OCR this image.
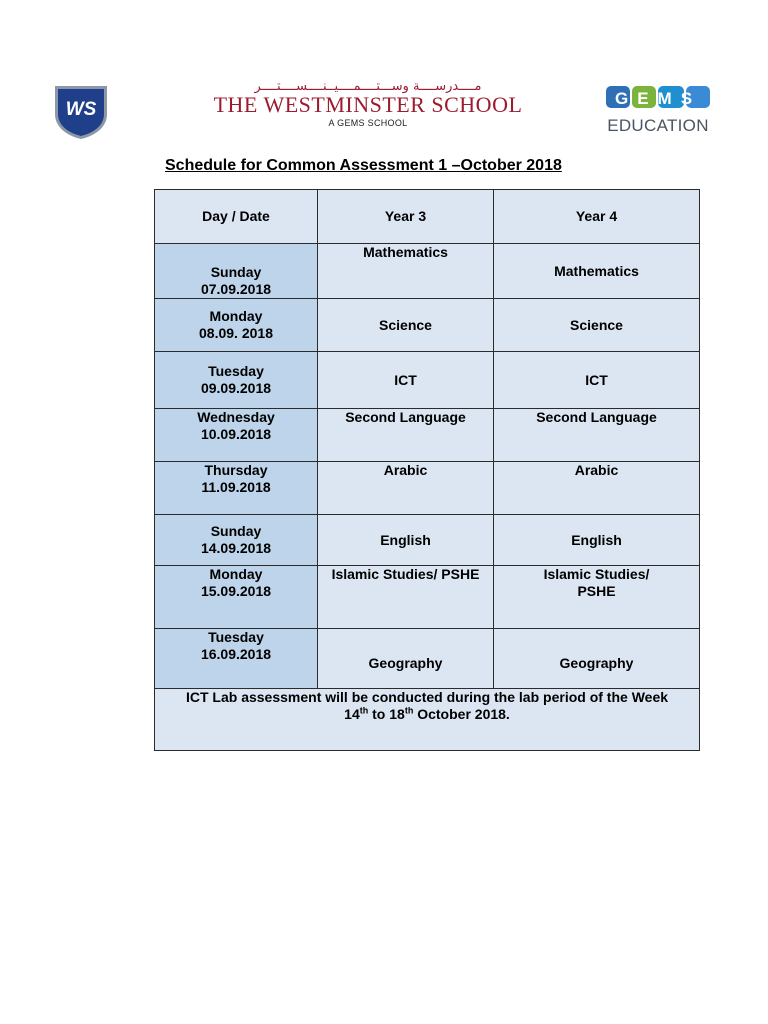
WS
مــــدرســــة وســـتــــمــــيــنــــســــتــــر
THE WESTMINSTER SCHOOL
A GEMS SCHOOL
GEMS
EDUCATION
Schedule for Common Assessment 1 –October 2018
Day / Date	Year 3	Year 4

Sunday
07.09.2018	Mathematics	Mathematics

Monday
08.09. 2018	Science	Science

Tuesday
09.09.2018	ICT	ICT

Wednesday
10.09.2018	Second Language	Second Language

Thursday
11.09.2018	Arabic	Arabic

Sunday
14.09.2018	English	English

Monday
15.09.2018	Islamic Studies/ PSHE	Islamic Studies/ PSHE

Tuesday
16.09.2018	Geography	Geography

ICT Lab assessment will be conducted during the lab period of the Week
14th to 18th October 2018.		
